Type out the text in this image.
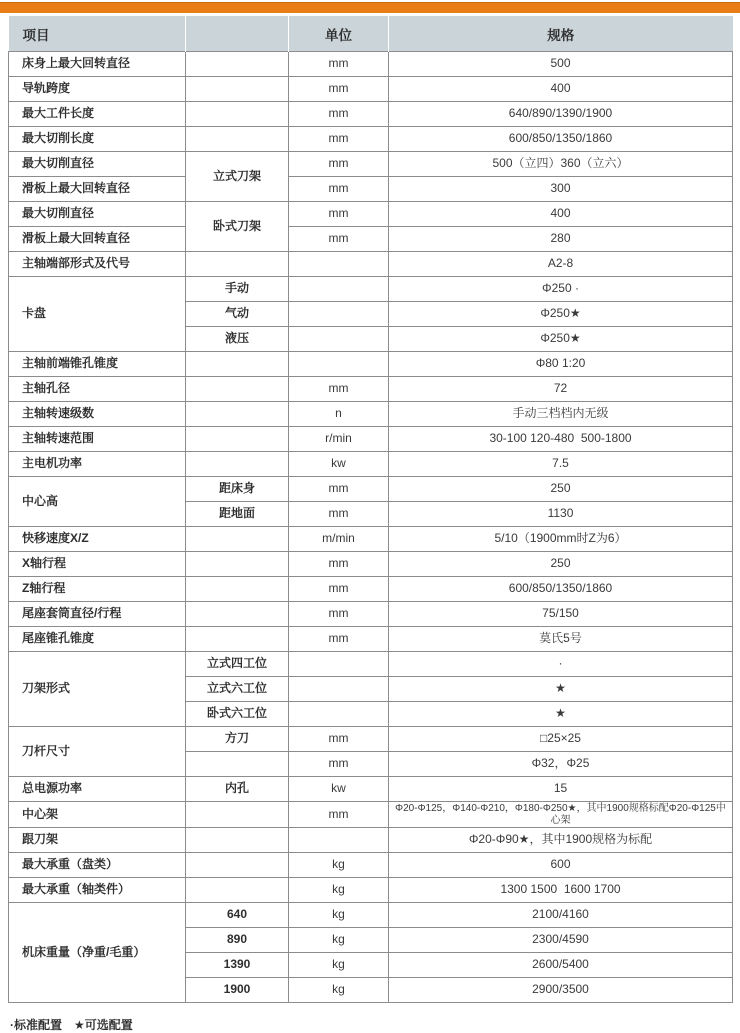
项目		单位	规格
床身上最大回转直径		mm	500
导轨跨度		mm	400
最大工件长度		mm	640/890/1390/1900
最大切削长度		mm	600/850/1350/1860
最大切削直径	立式刀架	mm	500（立四）360（立六）
滑板上最大回转直径		mm	300
最大切削直径	卧式刀架	mm	400
滑板上最大回转直径		mm	280
主轴端部形式及代号			A2-8
卡盘	手动		Φ250 ·
	气动		Φ250★
	液压		Φ250★
主轴前端锥孔锥度			Φ80 1:20
主轴孔径		mm	72
主轴转速级数		n	手动三档档内无级
主轴转速范围		r/min	30-100 120-480  500-1800
主电机功率		kw	7.5
中心高	距床身	mm	250
	距地面	mm	1130
快移速度X/Z		m/min	5/10（1900mm时Z为6）
X轴行程		mm	250
Z轴行程		mm	600/850/1350/1860
尾座套筒直径/行程		mm	75/150
尾座锥孔锥度		mm	莫氏5号
刀架形式	立式四工位		·
	立式六工位		★
	卧式六工位		★
刀杆尺寸	方刀	mm	□25×25
		mm	Φ32，Φ25
总电源功率	内孔	kw	15
中心架		mm	Φ20-Φ125，Φ140-Φ210，Φ180-Φ250★，其中1900规格标配Φ20-Φ125中心架
跟刀架			Φ20-Φ90★，其中1900规格为标配
最大承重（盘类）		kg	600
最大承重（轴类件）		kg	1300 1500  1600 1700
机床重量（净重/毛重）	640	kg	2100/4160
	890	kg	2300/4590
	1390	kg	2600/5400
	1900	kg	2900/3500
·标准配置　★可选配置
